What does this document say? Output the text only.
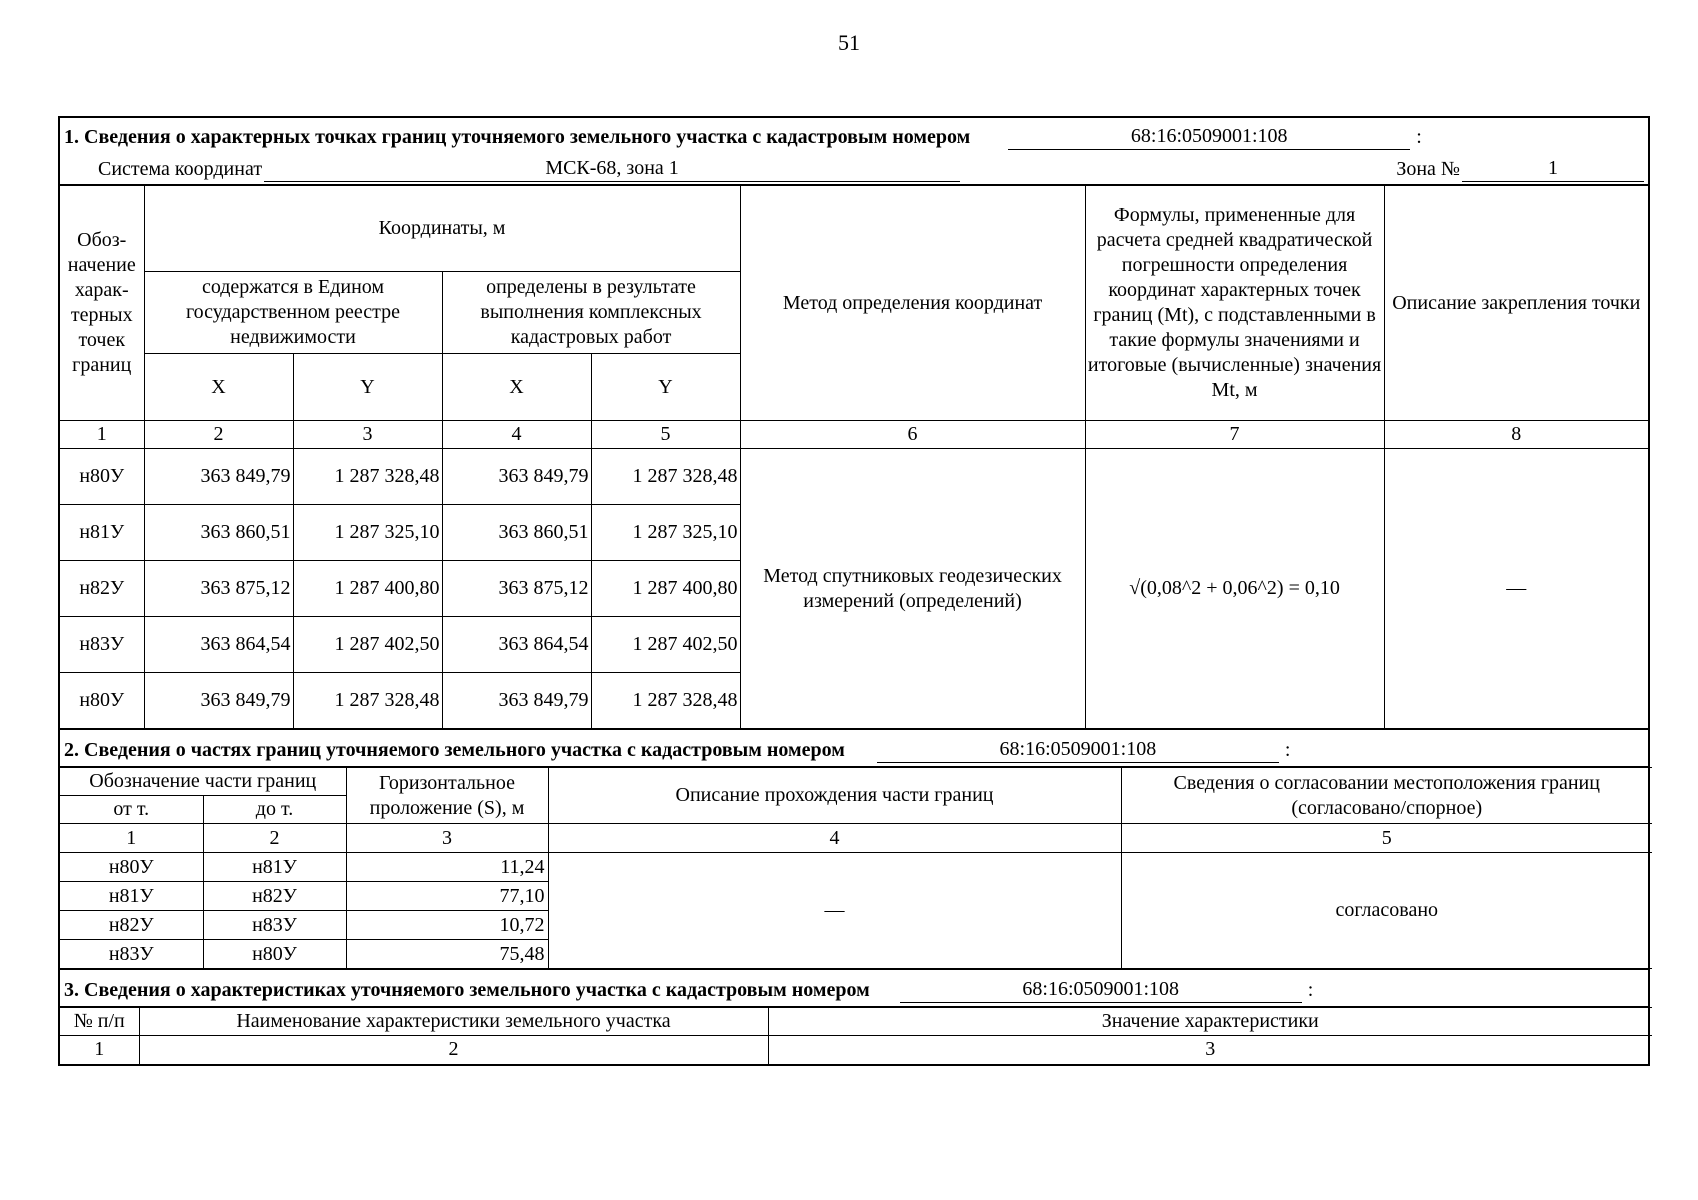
51
1. Сведения о характерных точках границ уточняемого земельного участка с кадастровым номером	68:16:0509001:108	:
Система координат	МСК-68, зона 1	Зона №	1
Обоз-начение харак-терных точек границ	Координаты, м				Метод определения координат	Формулы, примененные для расчета средней квадратической погрешности определения координат характерных точек границ (Mt), с подставленными в такие формулы значениями и итоговые (вычисленные) значения Mt, м	Описание закрепления точки
	содержатся в Едином государственном реестре недвижимости		определены в результате выполнения комплексных кадастровых работ				
	X	Y	X	Y			
1	2	3	4	5	6	7	8
н80У	363 849,79	1 287 328,48	363 849,79	1 287 328,48	Метод спутниковых геодезических измерений (определений)	√(0,08^2 + 0,06^2) = 0,10	—
н81У	363 860,51	1 287 325,10	363 860,51	1 287 325,10			
н82У	363 875,12	1 287 400,80	363 875,12	1 287 400,80			
н83У	363 864,54	1 287 402,50	363 864,54	1 287 402,50			
н80У	363 849,79	1 287 328,48	363 849,79	1 287 328,48			
2. Сведения о частях границ уточняемого земельного участка с кадастровым номером	68:16:0509001:108	:
Обозначение части границ		Горизонтальное проложение (S), м	Описание прохождения части границ	Сведения о согласовании местоположения границ (согласовано/спорное)
от т.	до т.			
1	2	3	4	5
н80У	н81У	11,24	—	согласовано
н81У	н82У	77,10		
н82У	н83У	10,72		
н83У	н80У	75,48		
3. Сведения о характеристиках уточняемого земельного участка с кадастровым номером	68:16:0509001:108	:
№ п/п	Наименование характеристики земельного участка	Значение характеристики
1	2	3
